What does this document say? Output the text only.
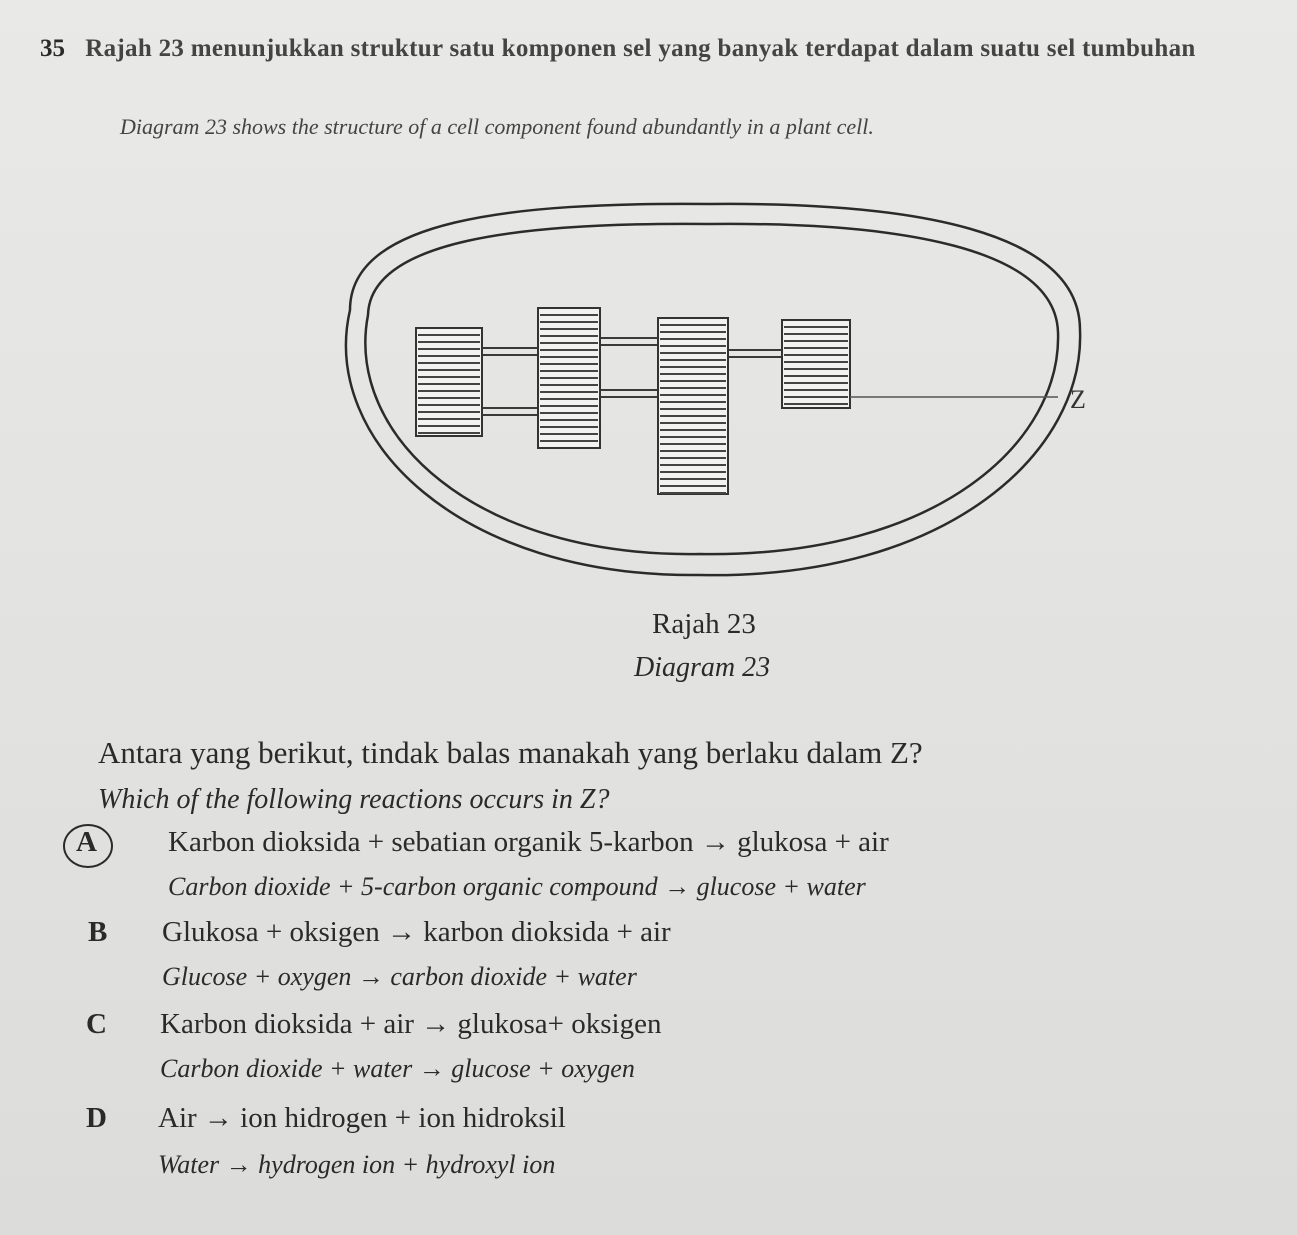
35 Rajah 23 menunjukkan struktur satu komponen sel yang banyak terdapat dalam suatu sel tumbuhan
Diagram 23 shows the structure of a cell component found abundantly in a plant cell.
Z
Rajah 23
Diagram 23
Antara yang berikut, tindak balas manakah yang berlaku dalam Z?
Which of the following reactions occurs in Z?
A Karbon dioksida + sebatian organik 5-karbon → glukosa + air
Carbon dioxide + 5-carbon organic compound → glucose + water
B Glukosa + oksigen → karbon dioksida + air
Glucose + oxygen → carbon dioxide + water
C Karbon dioksida + air → glukosa+ oksigen
Carbon dioxide + water → glucose + oxygen
D Air → ion hidrogen + ion hidroksil
Water → hydrogen ion + hydroxyl ion
